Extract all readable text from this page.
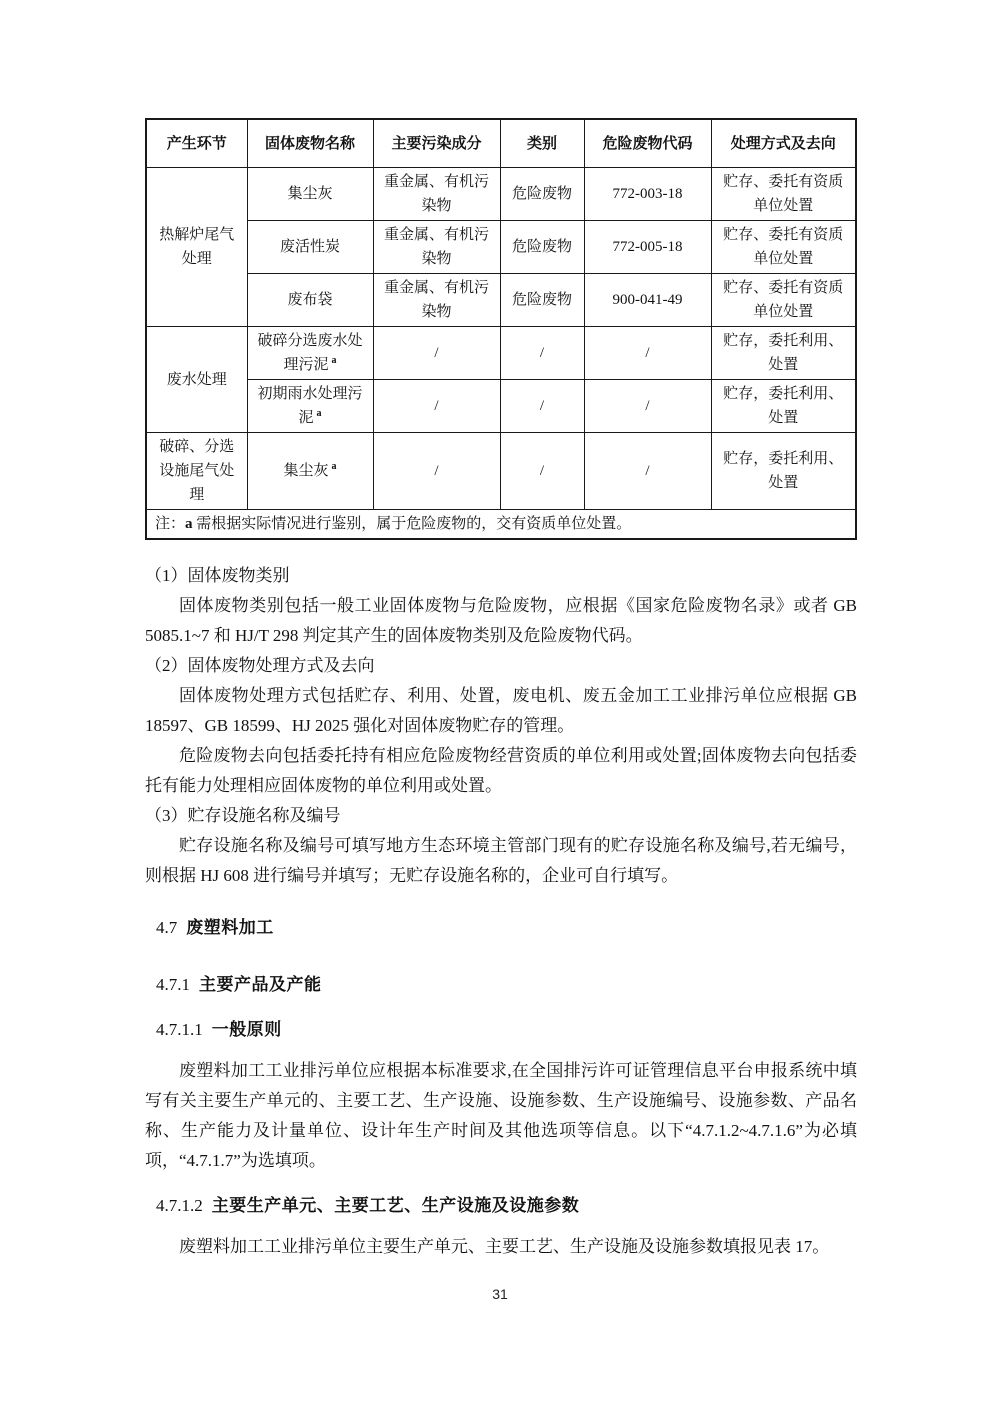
产生环节	固体废物名称	主要污染成分	类别	危险废物代码	处理方式及去向
热解炉尾气处理	集尘灰	重金属、有机污染物	危险废物	772-003-18	贮存、委托有资质单位处置
	废活性炭	重金属、有机污染物	危险废物	772-005-18	贮存、委托有资质单位处置
	废布袋	重金属、有机污染物	危险废物	900-041-49	贮存、委托有资质单位处置
废水处理	破碎分选废水处理污泥 $^a$	/	/	/	贮存，委托利用、处置
	初期雨水处理污泥 $^a$	/	/	/	贮存，委托利用、处置
破碎、分选设施尾气处理	集尘灰 $^a$	/	/	/	贮存，委托利用、处置
注：a 需根据实际情况进行鉴别，属于危险废物的，交有资质单位处置。					

（1）固体废物类别

固体废物类别包括一般工业固体废物与危险废物，应根据《国家危险废物名录》或者 GB 5085.1~7 和 HJ/T 298 判定其产生的固体废物类别及危险废物代码。

（2）固体废物处理方式及去向

固体废物处理方式包括贮存、利用、处置，废电机、废五金加工工业排污单位应根据 GB 18597、GB 18599、HJ 2025 强化对固体废物贮存的管理。

危险废物去向包括委托持有相应危险废物经营资质的单位利用或处置;固体废物去向包括委托有能力处理相应固体废物的单位利用或处置。

（3）贮存设施名称及编号

贮存设施名称及编号可填写地方生态环境主管部门现有的贮存设施名称及编号,若无编号，则根据 HJ 608 进行编号并填写；无贮存设施名称的，企业可自行填写。

4.7 废塑料加工
4.7.1 主要产品及产能
4.7.1.1 一般原则

废塑料加工工业排污单位应根据本标准要求,在全国排污许可证管理信息平台申报系统中填写有关主要生产单元的、主要工艺、生产设施、设施参数、生产设施编号、设施参数、产品名称、生产能力及计量单位、设计年生产时间及其他选项等信息。以下“4.7.1.2~4.7.1.6”为必填项，“4.7.1.7”为选填项。

4.7.1.2 主要生产单元、主要工艺、生产设施及设施参数

废塑料加工工业排污单位主要生产单元、主要工艺、生产设施及设施参数填报见表 17。

31
